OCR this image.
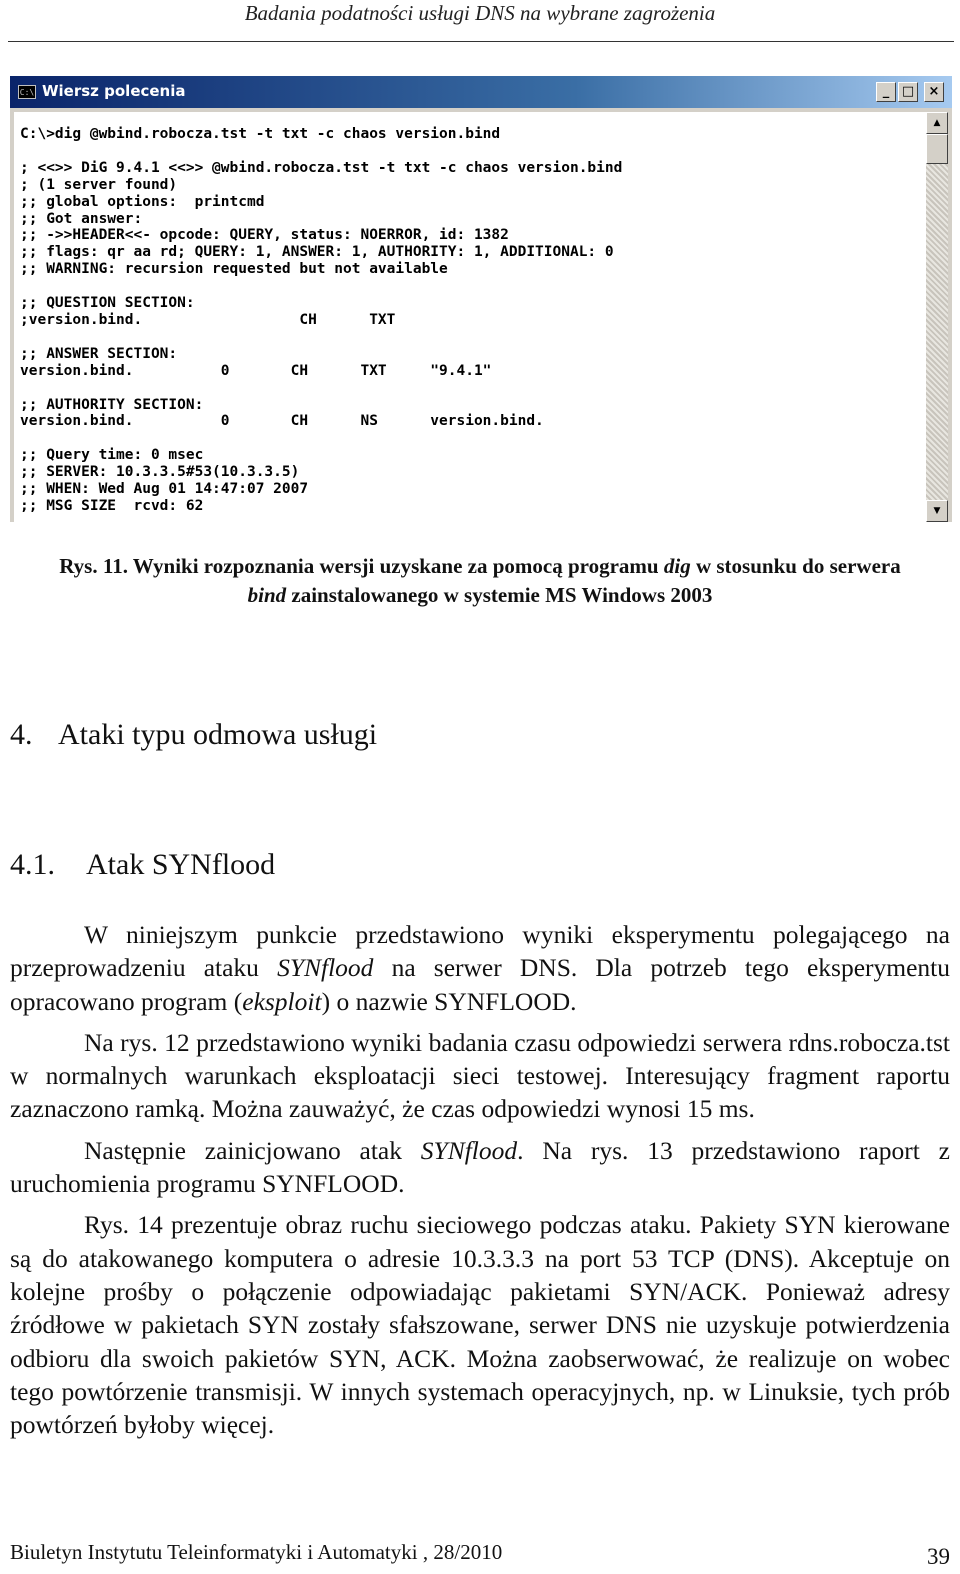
Badania podatności usługi DNS na wybrane zagrożenia
C:\ Wiersz polecenia	_ □	×
C:\>dig @wbind.robocza.tst -t txt -c chaos version.bind

; <<>> DiG 9.4.1 <<>> @wbind.robocza.tst -t txt -c chaos version.bind
; (1 server found)
;; global options:  printcmd
;; Got answer:
;; ->>HEADER<<- opcode: QUERY, status: NOERROR, id: 1382
;; flags: qr aa rd; QUERY: 1, ANSWER: 1, AUTHORITY: 1, ADDITIONAL: 0
;; WARNING: recursion requested but not available

;; QUESTION SECTION:
;version.bind.                  CH      TXT

;; ANSWER SECTION:
version.bind.          0       CH      TXT     "9.4.1"

;; AUTHORITY SECTION:
version.bind.          0       CH      NS      version.bind.

;; Query time: 0 msec
;; SERVER: 10.3.3.5#53(10.3.3.5)
;; WHEN: Wed Aug 01 14:47:07 2007
;; MSG SIZE  rcvd: 62
▲
▼
Rys. 11. Wyniki rozpoznania wersji uzyskane za pomocą programu dig w stosunku do serwera bind zainstalowanego w systemie MS Windows 2003
4. Ataki typu odmowa usługi
4.1. Atak SYNflood

W niniejszym punkcie przedstawiono wyniki eksperymentu polegającego na przeprowadzeniu ataku SYNflood na serwer DNS. Dla potrzeb tego eksperymentu opracowano program (eksploit) o nazwie SYNFLOOD.

Na rys. 12 przedstawiono wyniki badania czasu odpowiedzi serwera rdns.robocza.tst w normalnych warunkach eksploatacji sieci testowej. Interesujący fragment raportu zaznaczono ramką. Można zauważyć, że czas odpowiedzi wynosi 15 ms.

Następnie zainicjowano atak SYNflood. Na rys. 13 przedstawiono raport z uruchomienia programu SYNFLOOD.

Rys. 14 prezentuje obraz ruchu sieciowego podczas ataku. Pakiety SYN kierowane są do atakowanego komputera o adresie 10.3.3.3 na port 53 TCP (DNS). Akceptuje on kolejne prośby o połączenie odpowiadając pakietami SYN/ACK. Ponieważ adresy źródłowe w pakietach SYN zostały sfałszowane, serwer DNS nie uzyskuje potwierdzenia odbioru dla swoich pakietów SYN, ACK. Można zaobserwować, że realizuje on wobec tego powtórzenie transmisji. W innych systemach operacyjnych, np. w Linuksie, tych prób powtórzeń byłoby więcej.

Biuletyn Instytutu Teleinformatyki i Automatyki , 28/2010	39
